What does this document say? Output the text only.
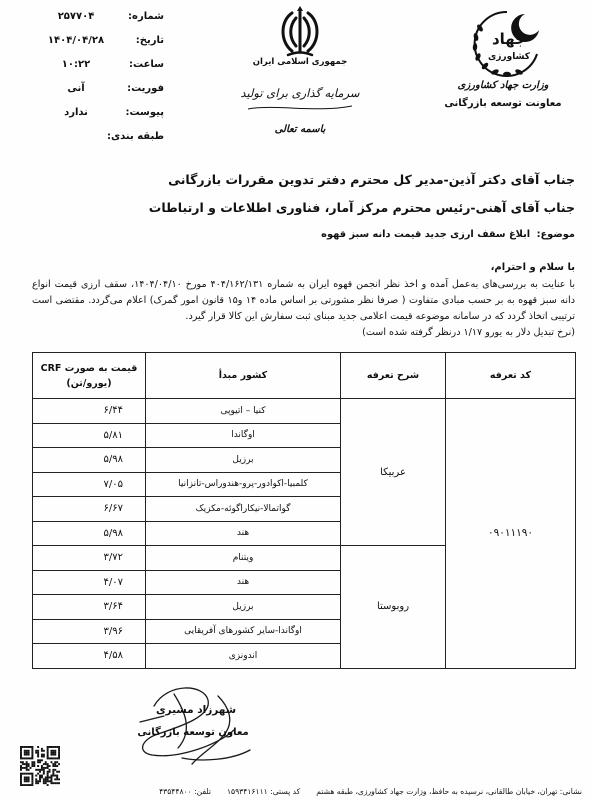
شماره:
۲۵۷۷۰۴
تاریخ:
۱۴۰۴/۰۴/۲۸
ساعت:
۱۰:۲۲
فوریت:
آنی
پیوست:
ندارد
طبقه بندی:
جمهوری اسلامی ایران
سرمایه گذاری برای تولید
باسمه تعالی
جهاد
کشاورزی
وزارت جهاد کشاورزی
معاونت توسعه بازرگانی
جناب آقای دکتر آذین-مدیر کل محترم دفتر تدوین مقررات بازرگانی
جناب آقای آهنی-رئیس محترم مرکز آمار، فناوری اطلاعات و ارتباطات
موضوع: ابلاغ سقف ارزی جدید قیمت دانه سبز قهوه
با سلام و احترام،

با عنایت به بررسی‌های به‌عمل آمده و اخذ نظر انجمن قهوه ایران به شماره ۴۰۴/۱۶۲/۱۳۱ مورخ ۱۴۰۴/۰۴/۱۰، سقف ارزی قیمت انواع دانه سبز قهوه به بر حسب مبادی متفاوت ( صرفا نظر مشورتی بر اساس ماده ۱۴ و۱۵ قانون امور گمرک) اعلام می‌گردد. مقتضی است ترتیبی اتخاذ گردد که در سامانه موضوعه قیمت اعلامی جدید مبنای ثبت سفارش این کالا قرار گیرد.

(نرخ تبدیل دلار به یورو ۱/۱۷ درنظر گرفته شده است)

کد تعرفه	شرح تعرفه	کشور مبدأ	قیمت به صورت CRF
(یورو/تن)

۰۹۰۱۱۱۹۰	عربیکا	کنیا – اتیوپی	۶/۴۴
		اوگاندا	۵/۸۱
		برزیل	۵/۹۸
		کلمبیا-اکوادور-پرو-هندوراس-تانزانیا	۷/۰۵
		گواتمالا-نیکاراگوئه-مکزیک	۶/۶۷
		هند	۵/۹۸
	روبوستا	ویتنام	۳/۷۲
		هند	۴/۰۷
		برزیل	۳/۶۴
		اوگاندا-سایر کشورهای آفریقایی	۳/۹۶
		اندونزی	۴/۵۸
شهرزاد مشیری
معاون توسعه بازرگانی
نشانی: تهران، خیابان طالقانی، نرسیده به حافظ، وزارت جهاد کشاورزی، طبقه هشتم
کد پستی: ۱۵۹۳۴۱۶۱۱۱
تلفن: ۴۳۵۴۴۸۰۰
